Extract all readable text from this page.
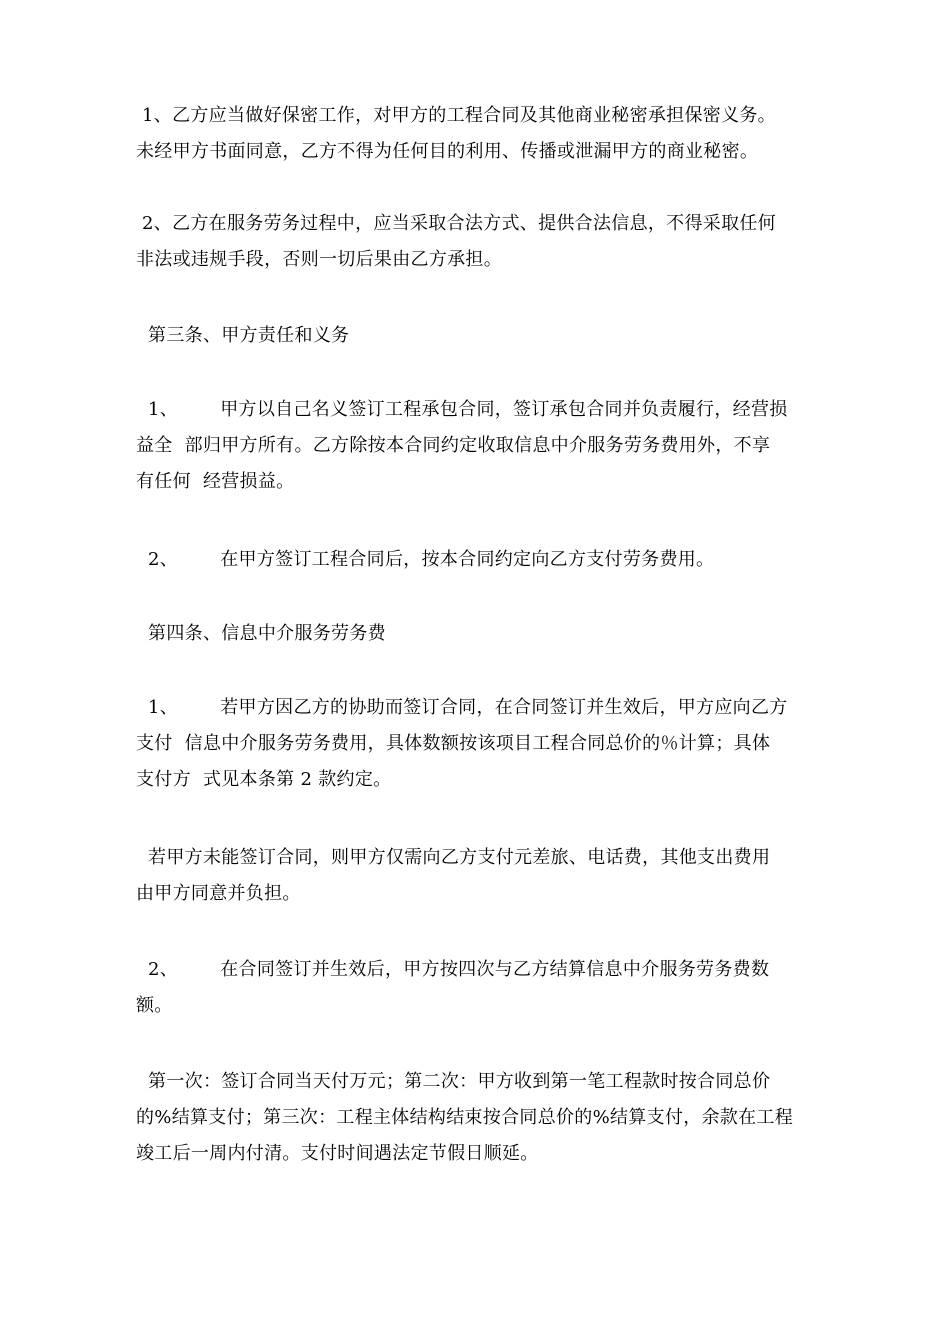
1、乙方应当做好保密工作，对甲方的工程合同及其他商业秘密承担保密义务。
未经甲方书面同意，乙方不得为任何目的利用、传播或泄漏甲方的商业秘密。
2、乙方在服务劳务过程中，应当采取合法方式、提供合法信息，不得采取任何
非法或违规手段，否则一切后果由乙方承担。
第三条、甲方责任和义务
1、       甲方以自己名义签订工程承包合同，签订承包合同并负责履行，经营损
益全  部归甲方所有。乙方除按本合同约定收取信息中介服务劳务费用外，不享
有任何  经营损益。
2、       在甲方签订工程合同后，按本合同约定向乙方支付劳务费用。
第四条、信息中介服务劳务费
1、       若甲方因乙方的协助而签订合同，在合同签订并生效后，甲方应向乙方
支付  信息中介服务劳务费用，具体数额按该项目工程合同总价的％计算；具体
支付方  式见本条第 2 款约定。
若甲方未能签订合同，则甲方仅需向乙方支付元差旅、电话费，其他支出费用
由甲方同意并负担。
2、       在合同签订并生效后，甲方按四次与乙方结算信息中介服务劳务费数
额。
第一次：签订合同当天付万元；第二次：甲方收到第一笔工程款时按合同总价
的%结算支付；第三次：工程主体结构结束按合同总价的%结算支付，余款在工程
竣工后一周内付清。支付时间遇法定节假日顺延。
